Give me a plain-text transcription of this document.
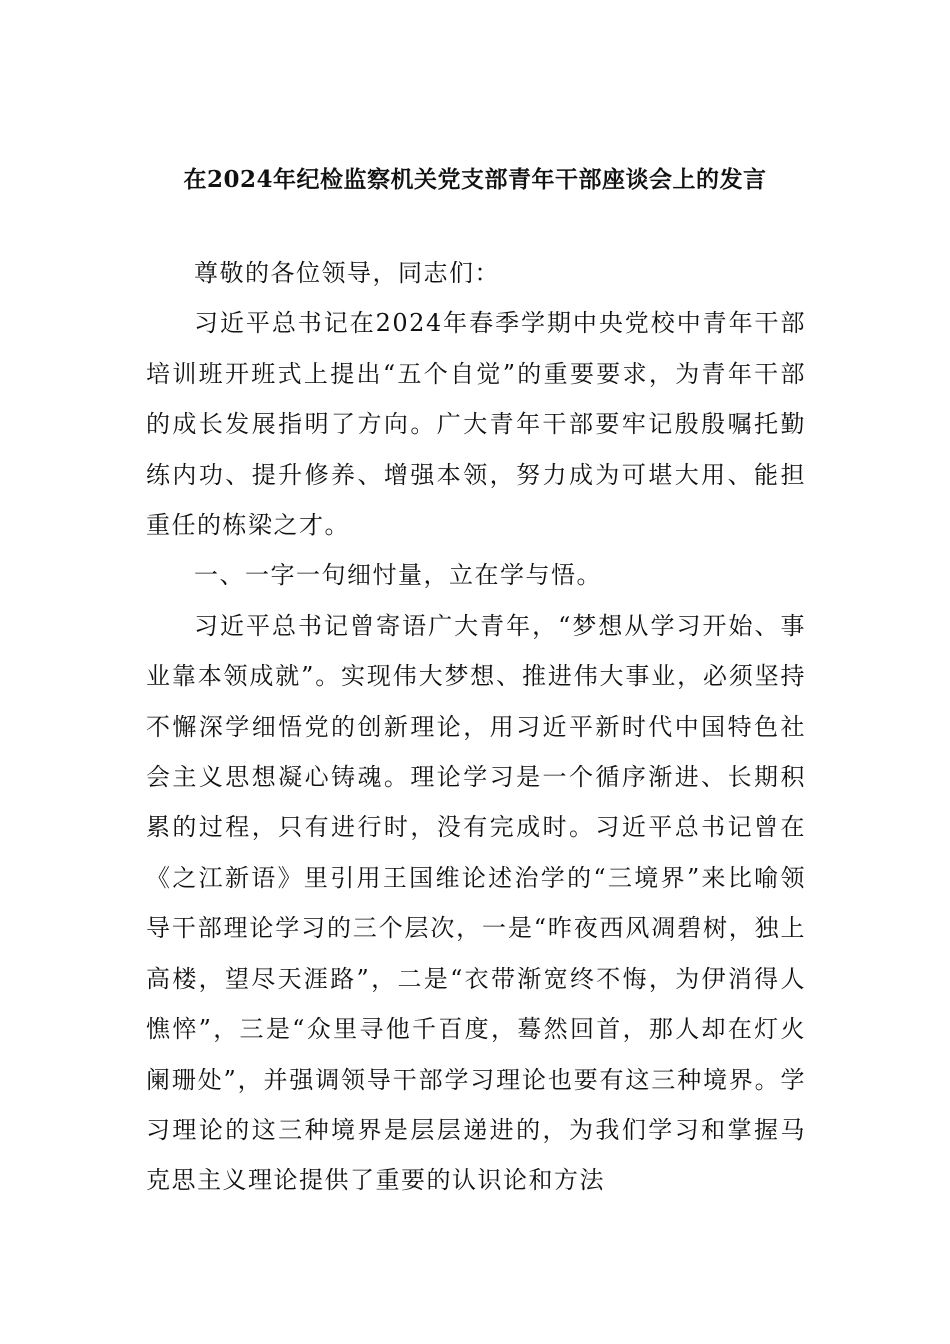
在2024年纪检监察机关党支部青年干部座谈会上的发言

尊敬的各位领导，同志们：

习近平总书记在2024年春季学期中央党校中青年干部培训班开班式上提出“五个自觉”的重要要求，为青年干部的成长发展指明了方向。广大青年干部要牢记殷殷嘱托勤练内功、提升修养、增强本领，努力成为可堪大用、能担重任的栋梁之才。

一、一字一句细忖量，立在学与悟。

习近平总书记曾寄语广大青年，“梦想从学习开始、事业靠本领成就”。实现伟大梦想、推进伟大事业，必须坚持不懈深学细悟党的创新理论，用习近平新时代中国特色社会主义思想凝心铸魂。理论学习是一个循序渐进、长期积累的过程，只有进行时，没有完成时。习近平总书记曾在《之江新语》里引用王国维论述治学的“三境界”来比喻领导干部理论学习的三个层次，一是“昨夜西风凋碧树，独上高楼，望尽天涯路”，二是“衣带渐宽终不悔，为伊消得人憔悴”，三是“众里寻他千百度，蓦然回首，那人却在灯火阑珊处”，并强调领导干部学习理论也要有这三种境界。学习理论的这三种境界是层层递进的，为我们学习和掌握马克思主义理论提供了重要的认识论和方法
